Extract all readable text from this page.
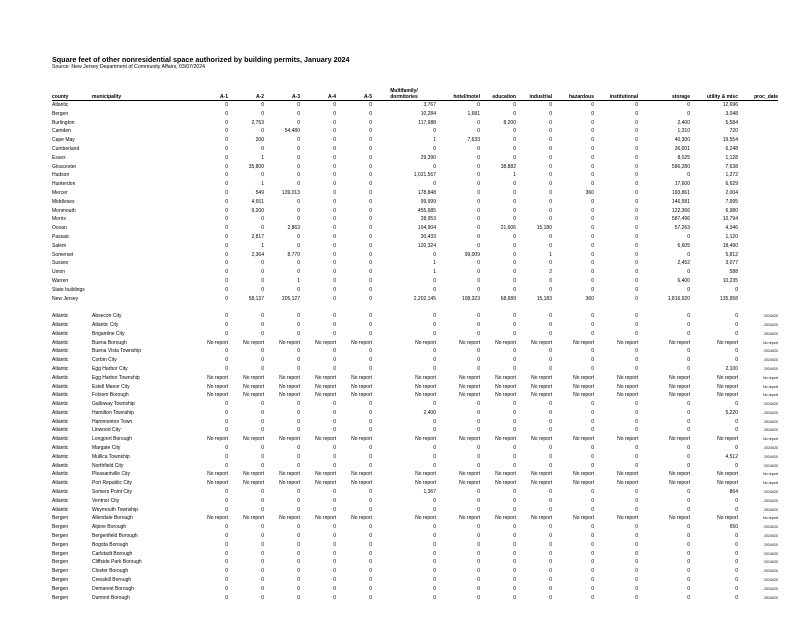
Square feet of other nonresidential space authorized by building permits, January 2024
Source: New Jersey Department of Community Affairs, 03/07/2024
county	municipality	A-1	A-2	A-3	A-4	A-5	Multifamily/
dormitories	hotel/motel	education	industrial	hazardous	institutional	storage	utility & misc	proc_date
Atlantic		0	0	0	0	0	3,767	0	0	0	0	0	0	12,696	
Bergen		0	0	0	0	0	10,284	1,681	0	0	0	0	0	3,048	
Burlington		0	2,753	0	0	0	117,988	0	8,200	0	0	0	2,400	5,584	
Camden		0	0	54,480	0	0	0	0	0	0	0	0	1,310	720	
Cape May		0	200	0	0	0	1	7,633	0	0	0	0	40,300	19,554	
Cumberland		0	0	0	0	0	0	0	0	0	0	0	36,001	6,248	
Essex		0	1	0	0	0	29,390	0	0	0	0	0	8,025	1,128	
Gloucester		0	35,800	0	0	0	0	0	38,882	0	0	0	586,280	7,638	
Hudson		0	0	0	0	0	1,021,567	0	1	0	0	0	0	1,272	
Hunterdon		0	1	0	0	0	0	0	0	0	0	0	17,600	6,629	
Mercer		0	549	139,013	0	0	178,848	0	0	0	360	0	193,861	2,004	
Middlesex		0	4,651	0	0	0	99,999	0	0	0	0	0	146,581	7,995	
Monmouth		0	9,200	0	0	0	455,685	0	0	0	0	0	122,366	6,980	
Morris		0	0	0	0	0	28,953	0	0	0	0	0	587,496	10,794	
Ocean		0	0	2,863	0	0	104,904	0	21,606	15,180	0	0	57,263	4,346	
Passaic		0	2,817	0	0	0	30,433	0	0	0	0	0	0	1,120	
Salem		0	1	0	0	0	120,324	0	0	0	0	0	6,605	18,490	
Somerset		0	2,364	8,770	0	0	0	99,009	0	1	0	0	0	5,812	
Sussex		0	0	0	0	0	1	0	0	0	0	0	2,452	3,077	
Union		0	0	0	0	0	1	0	0	2	0	0	0	588	
Warren		0	0	1	0	0	0	0	0	0	0	0	6,400	10,235	
State buildings		0	0	0	0	0	0	0	0	0	0	0	0	0	
New Jersey		0	58,137	205,127	0	0	2,202,145	108,323	68,689	15,183	360	0	1,816,920	135,958	

Atlantic	Absecon City	0	0	0	0	0	0	0	0	0	0	0	0	0	2024020
Atlantic	Atlantic City	0	0	0	0	0	0	0	0	0	0	0	0	0	2024020
Atlantic	Brigantine City	0	0	0	0	0	0	0	0	0	0	0	0	0	2024020
Atlantic	Buena Borough	No report	No report	No report	No report	No report	No report	No report	No report	No report	No report	No report	No report	No report	No report
Atlantic	Buena Vista Township	0	0	0	0	0	0	0	0	0	0	0	0	0	2024020
Atlantic	Corbin City	0	0	0	0	0	0	0	0	0	0	0	0	0	2024020
Atlantic	Egg Harbor City	0	0	0	0	0	0	0	0	0	0	0	0	2,100	2024020
Atlantic	Egg Harbor Township	No report	No report	No report	No report	No report	No report	No report	No report	No report	No report	No report	No report	No report	No report
Atlantic	Estell Manor City	No report	No report	No report	No report	No report	No report	No report	No report	No report	No report	No report	No report	No report	No report
Atlantic	Folsom Borough	No report	No report	No report	No report	No report	No report	No report	No report	No report	No report	No report	No report	No report	No report
Atlantic	Galloway Township	0	0	0	0	0	0	0	0	0	0	0	0	0	2024020
Atlantic	Hamilton Township	0	0	0	0	0	2,400	0	0	0	0	0	0	5,220	2024020
Atlantic	Hammonton Town	0	0	0	0	0	0	0	0	0	0	0	0	0	2024020
Atlantic	Linwood City	0	0	0	0	0	0	0	0	0	0	0	0	0	2024020
Atlantic	Longport Borough	No report	No report	No report	No report	No report	No report	No report	No report	No report	No report	No report	No report	No report	No report
Atlantic	Margate City	0	0	0	0	0	0	0	0	0	0	0	0	0	2024020
Atlantic	Mullica Township	0	0	0	0	0	0	0	0	0	0	0	0	4,512	2024020
Atlantic	Northfield City	0	0	0	0	0	0	0	0	0	0	0	0	0	2024020
Atlantic	Pleasantville City	No report	No report	No report	No report	No report	No report	No report	No report	No report	No report	No report	No report	No report	No report
Atlantic	Port Republic City	No report	No report	No report	No report	No report	No report	No report	No report	No report	No report	No report	No report	No report	No report
Atlantic	Somers Point City	0	0	0	0	0	1,367	0	0	0	0	0	0	864	2024020
Atlantic	Ventnor City	0	0	0	0	0	0	0	0	0	0	0	0	0	2024020
Atlantic	Weymouth Township	0	0	0	0	0	0	0	0	0	0	0	0	0	2024020
Bergen	Allendale Borough	No report	No report	No report	No report	No report	No report	No report	No report	No report	No report	No report	No report	No report	No report
Bergen	Alpine Borough	0	0	0	0	0	0	0	0	0	0	0	0	650	2024020
Bergen	Bergenfield Borough	0	0	0	0	0	0	0	0	0	0	0	0	0	2024020
Bergen	Bogota Borough	0	0	0	0	0	0	0	0	0	0	0	0	0	2024020
Bergen	Carlstadt Borough	0	0	0	0	0	0	0	0	0	0	0	0	0	2024020
Bergen	Cliffside Park Borough	0	0	0	0	0	0	0	0	0	0	0	0	0	2024020
Bergen	Closter Borough	0	0	0	0	0	0	0	0	0	0	0	0	0	2024020
Bergen	Cresskill Borough	0	0	0	0	0	0	0	0	0	0	0	0	0	2024020
Bergen	Demarest Borough	0	0	0	0	0	0	0	0	0	0	0	0	0	2024020
Bergen	Dumont Borough	0	0	0	0	0	0	0	0	0	0	0	0	0	2024020
